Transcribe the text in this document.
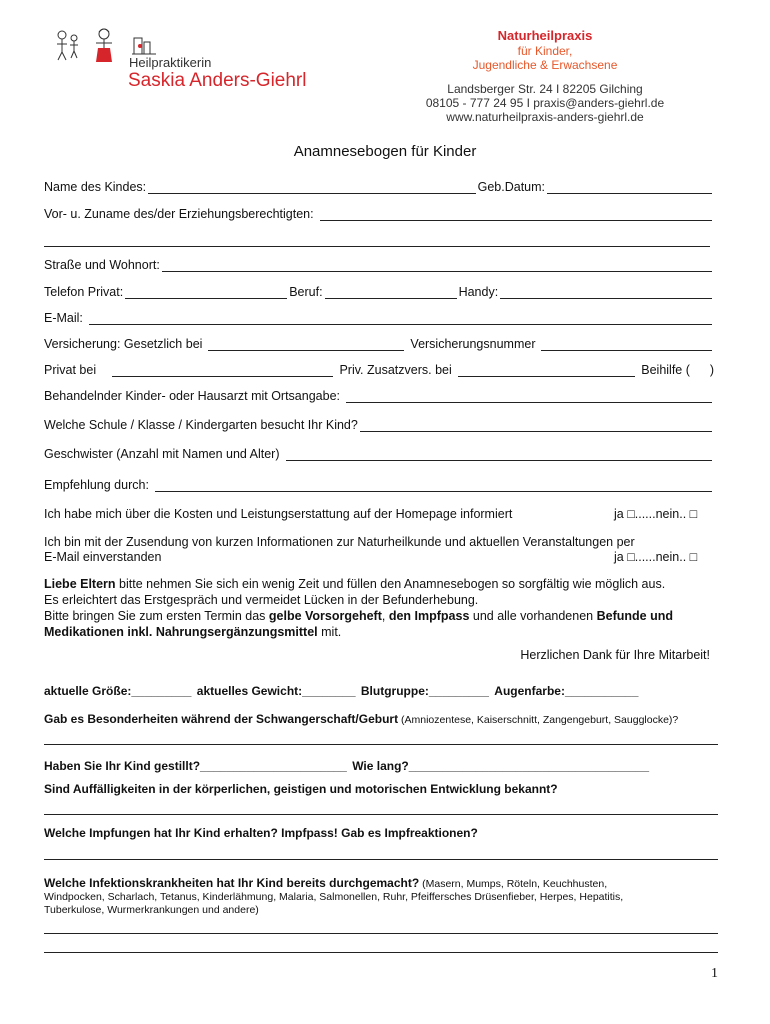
Heilpraktikerin
Saskia Anders-Giehrl
Naturheilpraxis
für Kinder,
Jugendliche & Erwachsene
Landsberger Str. 24 I 82205 Gilching
08105 - 777 24 95 I praxis@anders-giehrl.de
www.naturheilpraxis-anders-giehrl.de
Anamnesebogen für Kinder
Name des Kindes:	Geb.Datum:
Vor- u. Zuname des/der Erziehungsberechtigten:
Straße und Wohnort:
Telefon Privat:	Beruf:	Handy:
E-Mail:
Versicherung: Gesetzlich bei	Versicherungsnummer
Privat bei	Priv. Zusatzvers. bei	Beihilfe ( )
Behandelnder Kinder- oder Hausarzt mit Ortsangabe:
Welche Schule / Klasse / Kindergarten besucht Ihr Kind?
Geschwister (Anzahl mit Namen und Alter)
Empfehlung durch:
Ich habe mich über die Kosten und Leistungserstattung auf der Homepage informiert	ja □......nein.. □
Ich bin mit der Zusendung von kurzen Informationen zur Naturheilkunde und aktuellen Veranstaltungen per
E-Mail einverstanden	ja □......nein.. □
Liebe Eltern bitte nehmen Sie sich ein wenig Zeit und füllen den Anamnesebogen so sorgfältig wie möglich aus.
Es erleichtert das Erstgespräch und vermeidet Lücken in der Befunderhebung.
Bitte bringen Sie zum ersten Termin das gelbe Vorsorgeheft, den Impfpass und alle vorhandenen Befunde und
Medikationen inkl. Nahrungsergänzungsmittel mit.
Herzlichen Dank für Ihre Mitarbeit!
aktuelle Größe:_________ aktuelles Gewicht:________ Blutgruppe:_________ Augenfarbe:___________
Gab es Besonderheiten während der Schwangerschaft/Geburt (Amniozentese, Kaiserschnitt, Zangengeburt, Saugglocke)?
Haben Sie Ihr Kind gestillt?______________________ Wie lang?____________________________________
Sind Auffälligkeiten in der körperlichen, geistigen und motorischen Entwicklung bekannt?
Welche Impfungen hat Ihr Kind erhalten? Impfpass! Gab es Impfreaktionen?
Welche Infektionskrankheiten hat Ihr Kind bereits durchgemacht? (Masern, Mumps, Röteln, Keuchhusten,
Windpocken, Scharlach, Tetanus, Kinderlähmung, Malaria, Salmonellen, Ruhr, Pfeiffersches Drüsenfieber, Herpes, Hepatitis,
Tuberkulose, Wurmerkrankungen und andere)
1
